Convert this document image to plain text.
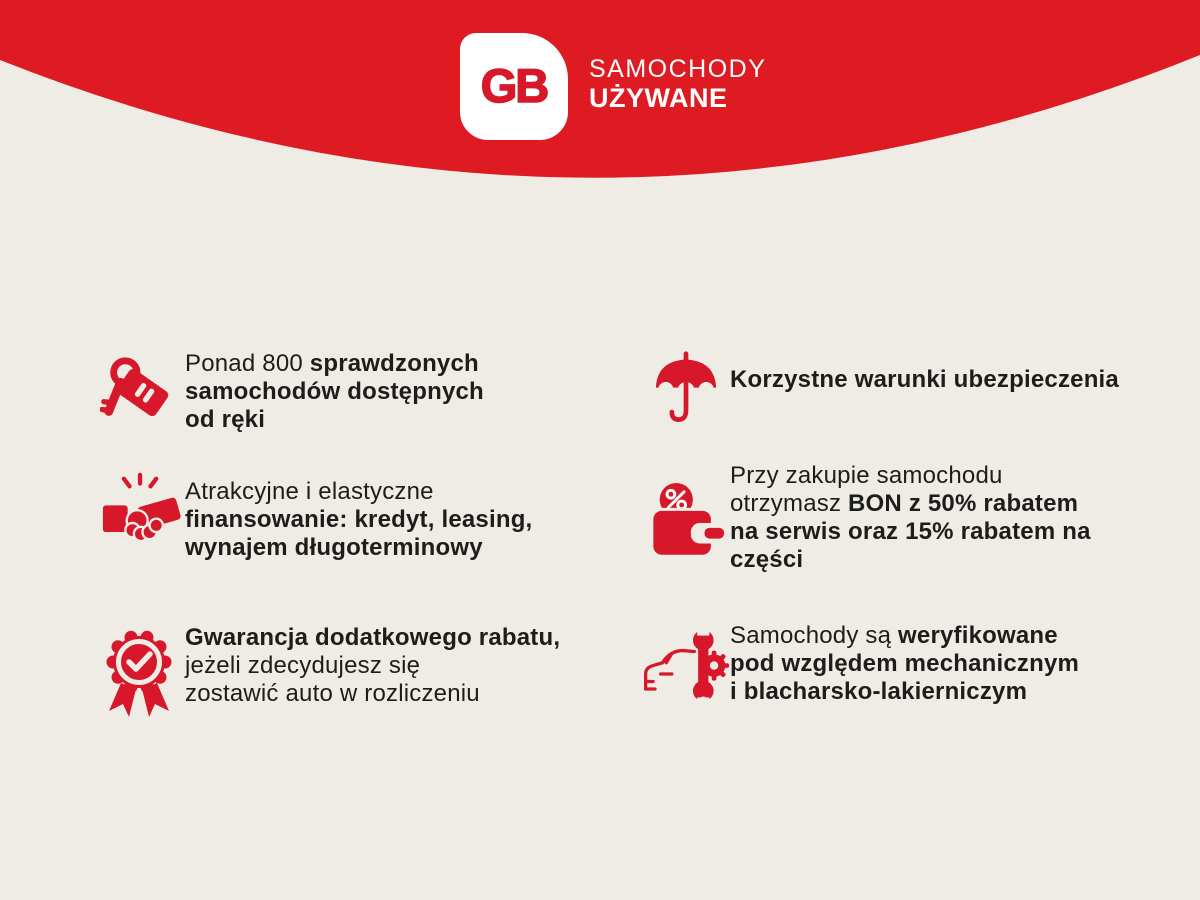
GB SAMOCHODY
UŻYWANE
Ponad 800 sprawdzonych
samochodów dostępnych
od ręki
Atrakcyjne i elastyczne
finansowanie: kredyt, leasing,
wynajem długoterminowy
Gwarancja dodatkowego rabatu,
jeżeli zdecydujesz się
zostawić auto w rozliczeniu
Korzystne warunki ubezpieczenia
Przy zakupie samochodu
otrzymasz BON z 50% rabatem
na serwis oraz 15% rabatem na
części
Samochody są weryfikowane
pod względem mechanicznym
i blacharsko-lakierniczym
